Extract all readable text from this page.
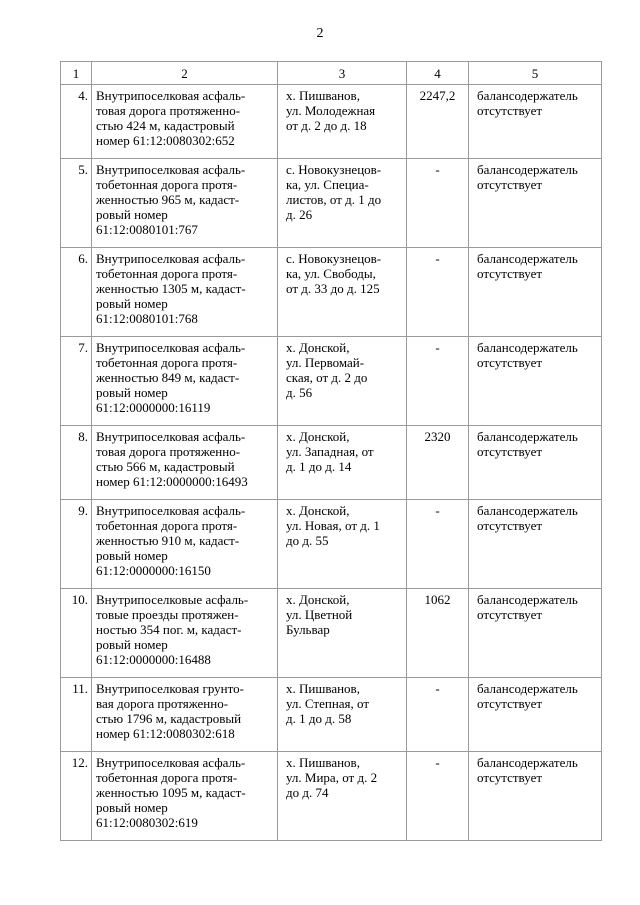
2
1	2	3	4	5
4.	Внутрипоселковая асфаль-
товая дорога протяженно-
стью 424 м, кадастровый
номер 61:12:0080302:652	х. Пишванов,
ул. Молодежная
от д. 2 до д. 18	2247,2	балансодержатель
отсутствует
5.	Внутрипоселковая асфаль-
тобетонная дорога протя-
женностью 965 м, кадаст-
ровый номер
61:12:0080101:767	с. Новокузнецов-
ка, ул. Специа-
листов, от д. 1 до
д. 26	-	балансодержатель
отсутствует
6.	Внутрипоселковая асфаль-
тобетонная дорога протя-
женностью 1305 м, кадаст-
ровый номер
61:12:0080101:768	с. Новокузнецов-
ка, ул. Свободы,
от д. 33 до д. 125	-	балансодержатель
отсутствует
7.	Внутрипоселковая асфаль-
тобетонная дорога протя-
женностью 849 м, кадаст-
ровый номер
61:12:0000000:16119	х. Донской,
ул. Первомай-
ская, от д. 2 до
д. 56	-	балансодержатель
отсутствует
8.	Внутрипоселковая асфаль-
товая дорога протяженно-
стью 566 м, кадастровый
номер 61:12:0000000:16493	х. Донской,
ул. Западная, от
д. 1 до д. 14	2320	балансодержатель
отсутствует
9.	Внутрипоселковая асфаль-
тобетонная дорога протя-
женностью 910 м, кадаст-
ровый номер
61:12:0000000:16150	х. Донской,
ул. Новая, от д. 1
до д. 55	-	балансодержатель
отсутствует
10.	Внутрипоселковые асфаль-
товые проезды протяжен-
ностью 354 пог. м, кадаст-
ровый номер
61:12:0000000:16488	х. Донской,
ул. Цветной
Бульвар	1062	балансодержатель
отсутствует
11.	Внутрипоселковая грунто-
вая дорога протяженно-
стью 1796 м, кадастровый
номер 61:12:0080302:618	х. Пишванов,
ул. Степная, от
д. 1 до д. 58	-	балансодержатель
отсутствует
12.	Внутрипоселковая асфаль-
тобетонная дорога протя-
женностью 1095 м, кадаст-
ровый номер
61:12:0080302:619	х. Пишванов,
ул. Мира, от д. 2
до д. 74	-	балансодержатель
отсутствует
